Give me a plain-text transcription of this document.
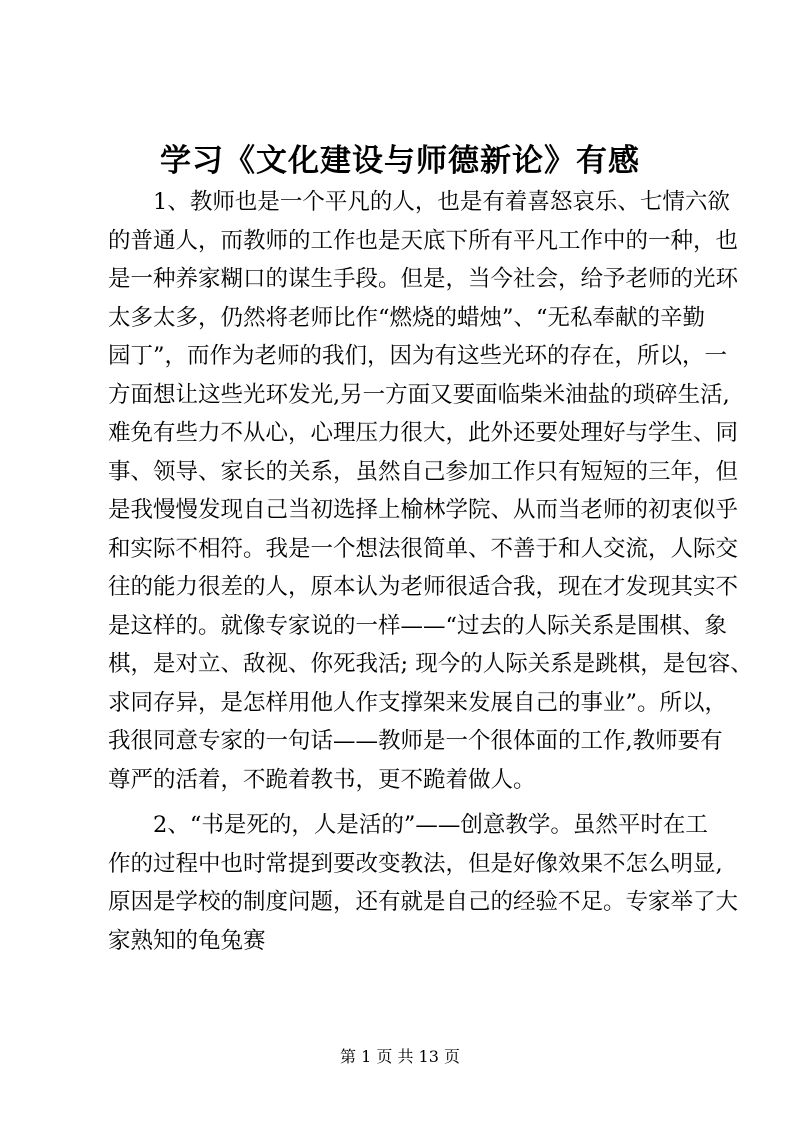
学习《文化建设与师德新论》有感
1、教师也是一个平凡的人，也是有着喜怒哀乐、七情六欲
的普通人，而教师的工作也是天底下所有平凡工作中的一种，也
是一种养家糊口的谋生手段。但是，当今社会，给予老师的光环
太多太多，仍然将老师比作“燃烧的蜡烛”、“无私奉献的辛勤
园丁”，而作为老师的我们，因为有这些光环的存在，所以，一
方面想让这些光环发光,另一方面又要面临柴米油盐的琐碎生活,
难免有些力不从心，心理压力很大，此外还要处理好与学生、同
事、领导、家长的关系，虽然自己参加工作只有短短的三年，但
是我慢慢发现自己当初选择上榆林学院、从而当老师的初衷似乎
和实际不相符。我是一个想法很简单、不善于和人交流，人际交
往的能力很差的人，原本认为老师很适合我，现在才发现其实不
是这样的。就像专家说的一样——“过去的人际关系是围棋、象
棋，是对立、敌视、你死我活; 现今的人际关系是跳棋，是包容、
求同存异，是怎样用他人作支撑架来发展自己的事业”。所以，
我很同意专家的一句话——教师是一个很体面的工作,教师要有
尊严的活着，不跪着教书，更不跪着做人。
2、“书是死的，人是活的”——创意教学。虽然平时在工
作的过程中也时常提到要改变教法，但是好像效果不怎么明显,
原因是学校的制度问题，还有就是自己的经验不足。专家举了大
家熟知的龟兔赛
第 1 页 共 13 页
